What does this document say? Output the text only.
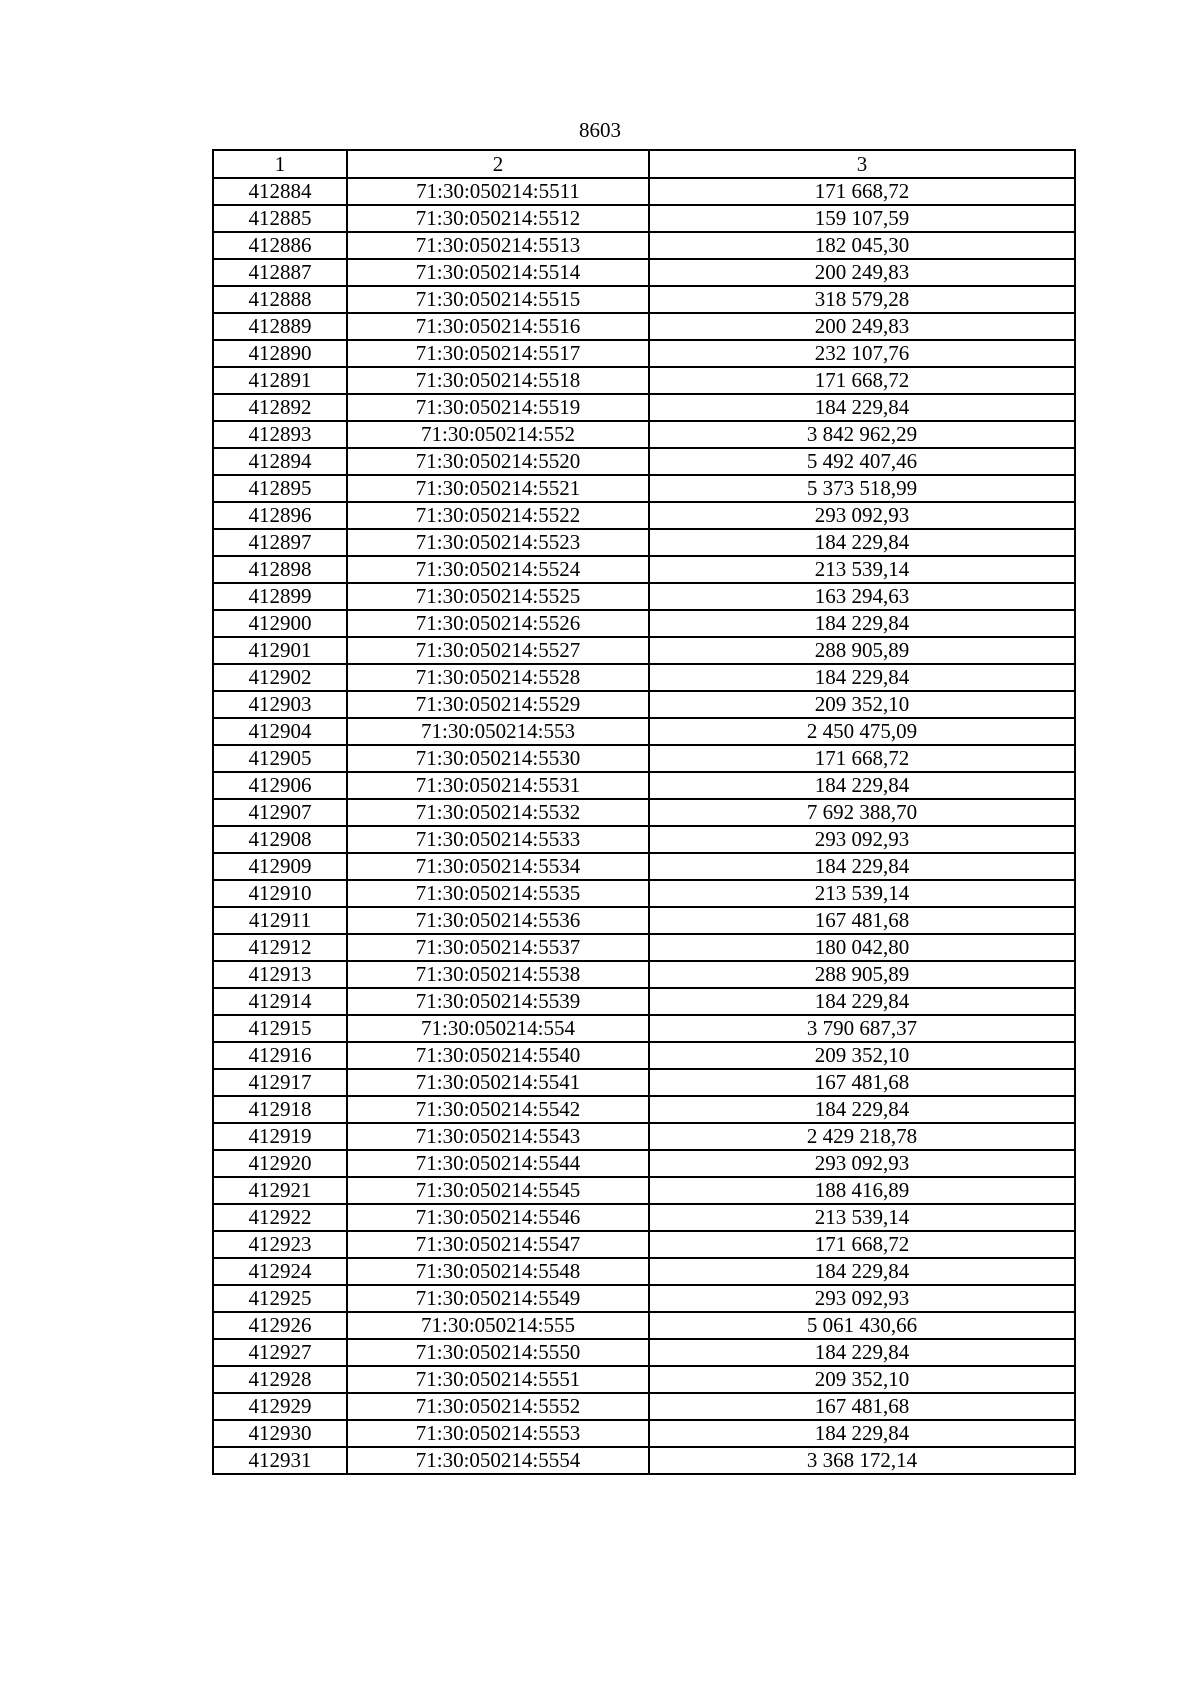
8603
1	2	3
412884	71:30:050214:5511	171 668,72
412885	71:30:050214:5512	159 107,59
412886	71:30:050214:5513	182 045,30
412887	71:30:050214:5514	200 249,83
412888	71:30:050214:5515	318 579,28
412889	71:30:050214:5516	200 249,83
412890	71:30:050214:5517	232 107,76
412891	71:30:050214:5518	171 668,72
412892	71:30:050214:5519	184 229,84
412893	71:30:050214:552	3 842 962,29
412894	71:30:050214:5520	5 492 407,46
412895	71:30:050214:5521	5 373 518,99
412896	71:30:050214:5522	293 092,93
412897	71:30:050214:5523	184 229,84
412898	71:30:050214:5524	213 539,14
412899	71:30:050214:5525	163 294,63
412900	71:30:050214:5526	184 229,84
412901	71:30:050214:5527	288 905,89
412902	71:30:050214:5528	184 229,84
412903	71:30:050214:5529	209 352,10
412904	71:30:050214:553	2 450 475,09
412905	71:30:050214:5530	171 668,72
412906	71:30:050214:5531	184 229,84
412907	71:30:050214:5532	7 692 388,70
412908	71:30:050214:5533	293 092,93
412909	71:30:050214:5534	184 229,84
412910	71:30:050214:5535	213 539,14
412911	71:30:050214:5536	167 481,68
412912	71:30:050214:5537	180 042,80
412913	71:30:050214:5538	288 905,89
412914	71:30:050214:5539	184 229,84
412915	71:30:050214:554	3 790 687,37
412916	71:30:050214:5540	209 352,10
412917	71:30:050214:5541	167 481,68
412918	71:30:050214:5542	184 229,84
412919	71:30:050214:5543	2 429 218,78
412920	71:30:050214:5544	293 092,93
412921	71:30:050214:5545	188 416,89
412922	71:30:050214:5546	213 539,14
412923	71:30:050214:5547	171 668,72
412924	71:30:050214:5548	184 229,84
412925	71:30:050214:5549	293 092,93
412926	71:30:050214:555	5 061 430,66
412927	71:30:050214:5550	184 229,84
412928	71:30:050214:5551	209 352,10
412929	71:30:050214:5552	167 481,68
412930	71:30:050214:5553	184 229,84
412931	71:30:050214:5554	3 368 172,14
